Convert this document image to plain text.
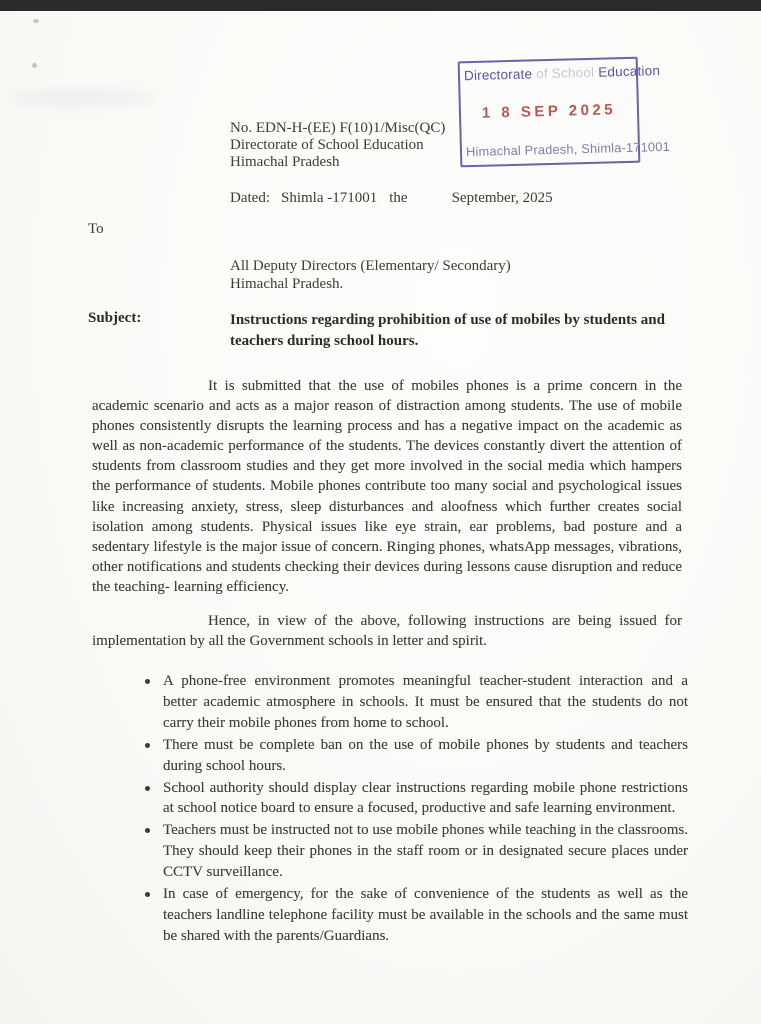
Directorate of School Education
1 8 SEP 2025
Himachal Pradesh, Shimla-171001
No. EDN-H-(EE) F(10)1/Misc(QC)
Directorate of School Education
Himachal Pradesh
Dated: Shimla -171001 the	September, 2025
To
All Deputy Directors (Elementary/ Secondary)
Himachal Pradesh.
Subject:	Instructions regarding prohibition of use of mobiles by students and
teachers during school hours.
It is submitted that the use of mobiles phones is a prime concern in the academic scenario and acts as a major reason of distraction among students. The use of mobile phones consistently disrupts the learning process and has a negative impact on the academic as well as non-academic performance of the students. The devices constantly divert the attention of students from classroom studies and they get more involved in the social media which hampers the performance of students. Mobile phones contribute too many social and psychological issues like increasing anxiety, stress, sleep disturbances and aloofness which further creates social isolation among students. Physical issues like eye strain, ear problems, bad posture and a sedentary lifestyle is the major issue of concern. Ringing phones, whatsApp messages, vibrations, other notifications and students checking their devices during lessons cause disruption and reduce the teaching- learning efficiency.
Hence, in view of the above, following instructions are being issued for implementation by all the Government schools in letter and spirit.
A phone-free environment promotes meaningful teacher-student interaction and a better academic atmosphere in schools. It must be ensured that the students do not carry their mobile phones from home to school.
There must be complete ban on the use of mobile phones by students and teachers during school hours.
School authority should display clear instructions regarding mobile phone restrictions at school notice board to ensure a focused, productive and safe learning environment.
Teachers must be instructed not to use mobile phones while teaching in the classrooms. They should keep their phones in the staff room or in designated secure places under CCTV surveillance.
In case of emergency, for the sake of convenience of the students as well as the teachers landline telephone facility must be available in the schools and the same must be shared with the parents/Guardians.
